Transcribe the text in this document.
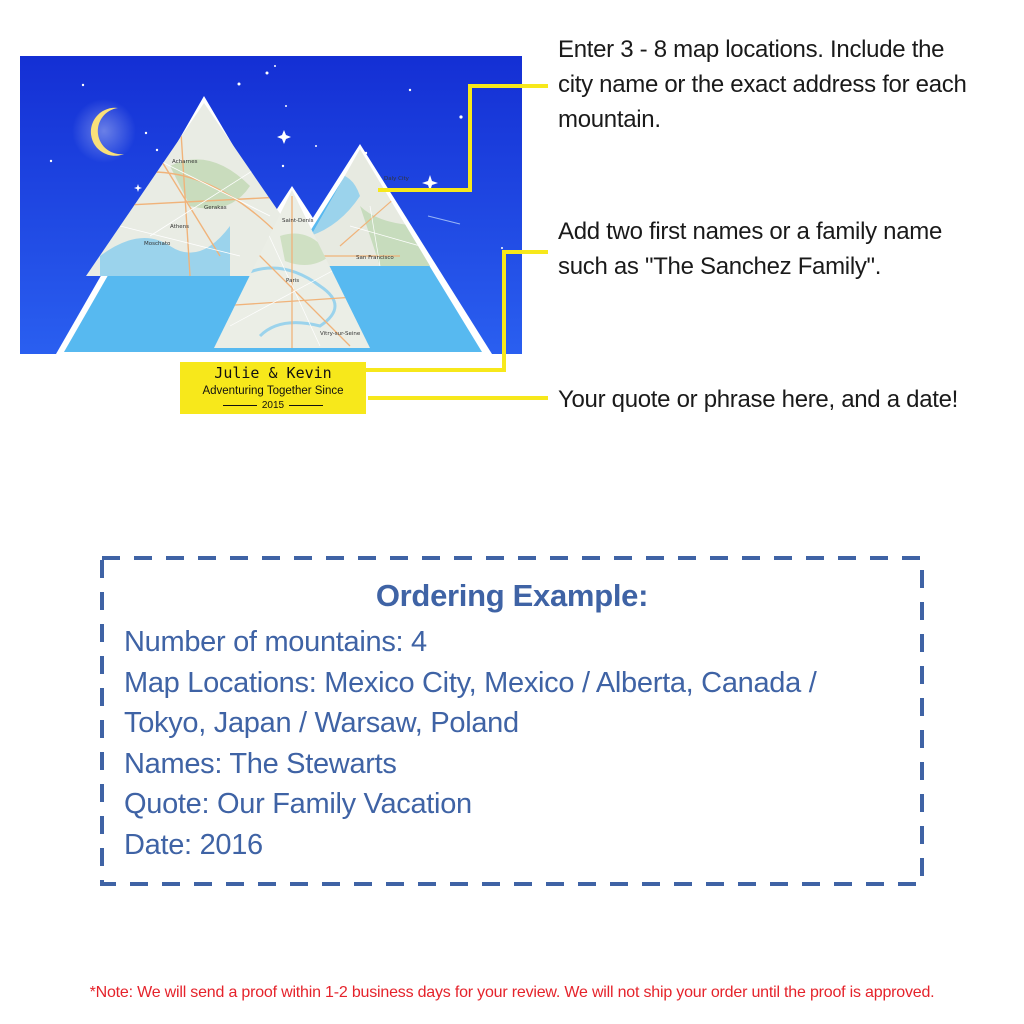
Acharnes
Gerakas
Athens
Moschato
Saint-Denis
Paris
Vitry-sur-Seine
San Francisco
Daly City
Julie & Kevin
Adventuring Together Since
2015
Enter 3 - 8 map locations. Include the city name or the exact address for each mountain.
Add two first names or a family name such as "The Sanchez Family".
Your quote or phrase here, and a date!
Ordering Example:
Number of mountains: 4
Map Locations: Mexico City, Mexico / Alberta, Canada / Tokyo, Japan / Warsaw, Poland
Names: The Stewarts
Quote: Our Family Vacation
Date: 2016
*Note: We will send a proof within 1-2 business days for your review. We will not ship your order until the proof is approved.
